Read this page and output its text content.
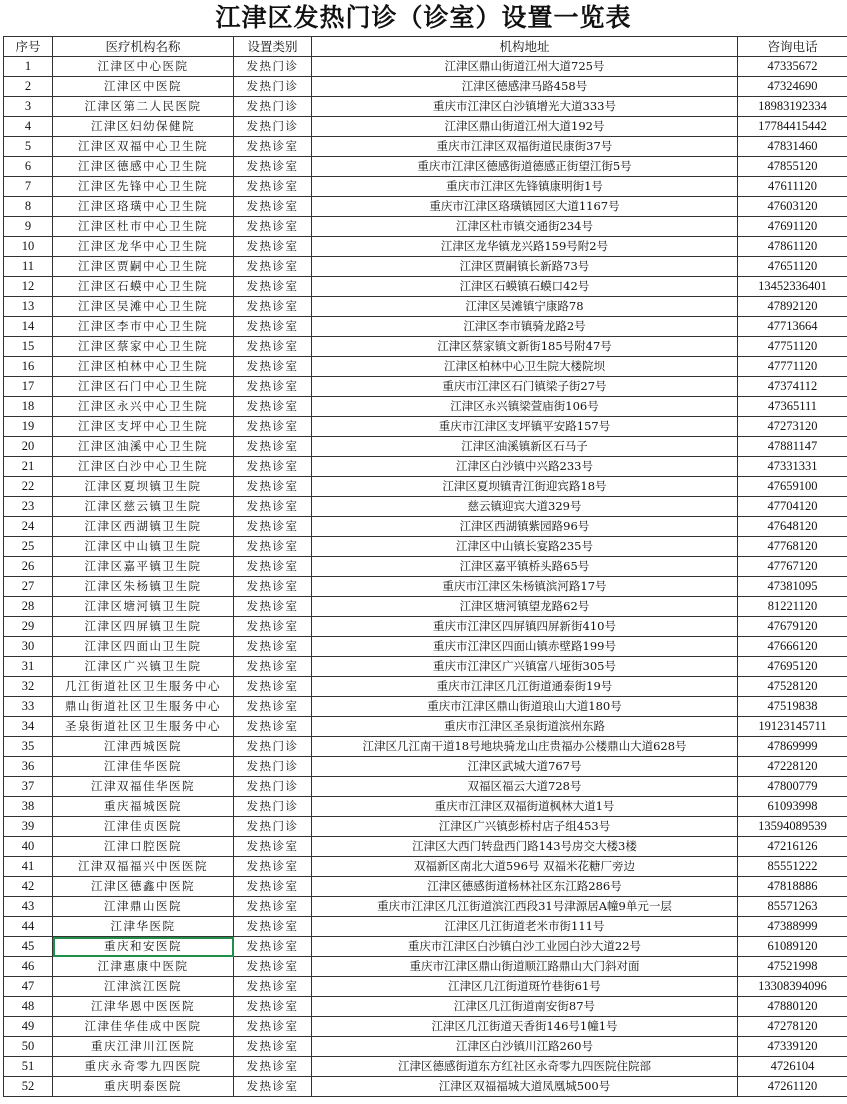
江津区发热门诊（诊室）设置一览表
序号	医疗机构名称	设置类别	机构地址	咨询电话
1	江津区中心医院	发热门诊	江津区鼎山街道江州大道725号	47335672
2	江津区中医院	发热门诊	江津区德感津马路458号	47324690
3	江津区第二人民医院	发热门诊	重庆市江津区白沙镇增光大道333号	18983192334
4	江津区妇幼保健院	发热门诊	江津区鼎山街道江州大道192号	17784415442
5	江津区双福中心卫生院	发热诊室	重庆市江津区双福街道民康街37号	47831460
6	江津区德感中心卫生院	发热诊室	重庆市江津区德感街道德感正街望江街5号	47855120
7	江津区先锋中心卫生院	发热诊室	重庆市江津区先锋镇康明街1号	47611120
8	江津区珞璜中心卫生院	发热诊室	重庆市江津区珞璜镇园区大道1167号	47603120
9	江津区杜市中心卫生院	发热诊室	江津区杜市镇交通街234号	47691120
10	江津区龙华中心卫生院	发热诊室	江津区龙华镇龙兴路159号附2号	47861120
11	江津区贾嗣中心卫生院	发热诊室	江津区贾嗣镇长新路73号	47651120
12	江津区石蟆中心卫生院	发热诊室	江津区石蟆镇石蟆口42号	13452336401
13	江津区吴滩中心卫生院	发热诊室	江津区吴滩镇宁康路78	47892120
14	江津区李市中心卫生院	发热诊室	江津区李市镇骑龙路2号	47713664
15	江津区蔡家中心卫生院	发热诊室	江津区蔡家镇文新街185号附47号	47751120
16	江津区柏林中心卫生院	发热诊室	江津区柏林中心卫生院大楼院坝	47771120
17	江津区石门中心卫生院	发热诊室	重庆市江津区石门镇梁子街27号	47374112
18	江津区永兴中心卫生院	发热诊室	江津区永兴镇梁萱庙街106号	47365111
19	江津区支坪中心卫生院	发热诊室	重庆市江津区支坪镇平安路157号	47273120
20	江津区油溪中心卫生院	发热诊室	江津区油溪镇新区石马子	47881147
21	江津区白沙中心卫生院	发热诊室	江津区白沙镇中兴路233号	47331331
22	江津区夏坝镇卫生院	发热诊室	江津区夏坝镇青江街迎宾路18号	47659100
23	江津区慈云镇卫生院	发热诊室	慈云镇迎宾大道329号	47704120
24	江津区西湖镇卫生院	发热诊室	江津区西湖镇紫园路96号	47648120
25	江津区中山镇卫生院	发热诊室	江津区中山镇长宴路235号	47768120
26	江津区嘉平镇卫生院	发热诊室	江津区嘉平镇桥头路65号	47767120
27	江津区朱杨镇卫生院	发热诊室	重庆市江津区朱杨镇滨河路17号	47381095
28	江津区塘河镇卫生院	发热诊室	江津区塘河镇望龙路62号	81221120
29	江津区四屏镇卫生院	发热诊室	重庆市江津区四屏镇四屏新街410号	47679120
30	江津区四面山卫生院	发热诊室	重庆市江津区四面山镇赤壁路199号	47666120
31	江津区广兴镇卫生院	发热诊室	重庆市江津区广兴镇富八垭街305号	47695120
32	几江街道社区卫生服务中心	发热诊室	重庆市江津区几江街道通泰街19号	47528120
33	鼎山街道社区卫生服务中心	发热诊室	重庆市江津区鼎山街道琅山大道180号	47519838
34	圣泉街道社区卫生服务中心	发热诊室	重庆市江津区圣泉街道滨州东路	19123145711
35	江津西城医院	发热门诊	江津区几江南干道18号地块骑龙山庄贵福办公楼鼎山大道628号	47869999
36	江津佳华医院	发热门诊	江津区武城大道767号	47228120
37	江津双福佳华医院	发热门诊	双福区福云大道728号	47800779
38	重庆福城医院	发热门诊	重庆市江津区双福街道枫林大道1号	61093998
39	江津佳贞医院	发热门诊	江津区广兴镇彭桥村店子组453号	13594089539
40	江津口腔医院	发热诊室	江津区大西门转盘西门路143号房交大楼3楼	47216126
41	江津双福福兴中医医院	发热诊室	双福新区南北大道596号 双福米花糖厂旁边	85551222
42	江津区德鑫中医院	发热诊室	江津区德感街道杨林社区东江路286号	47818886
43	江津鼎山医院	发热诊室	重庆市江津区几江街道滨江西段31号津源居A幢9单元一层	85571263
44	江津华医院	发热诊室	江津区几江街道老米市街111号	47388999
45	重庆和安医院	发热诊室	重庆市江津区白沙镇白沙工业园白沙大道22号	61089120
46	江津惠康中医院	发热诊室	重庆市江津区鼎山街道顺江路鼎山大门斜对面	47521998
47	江津滨江医院	发热诊室	江津区几江街道斑竹巷街61号	13308394096
48	江津华恩中医医院	发热诊室	江津区几江街道南安街87号	47880120
49	江津佳华佳成中医院	发热诊室	江津区几江街道天香街146号1幢1号	47278120
50	重庆江津川江医院	发热诊室	江津区白沙镇川江路260号	47339120
51	重庆永奇零九四医院	发热诊室	江津区德感街道东方红社区永奇零九四医院住院部	4726104
52	重庆明泰医院	发热诊室	江津区双福福城大道凤凰城500号	47261120
